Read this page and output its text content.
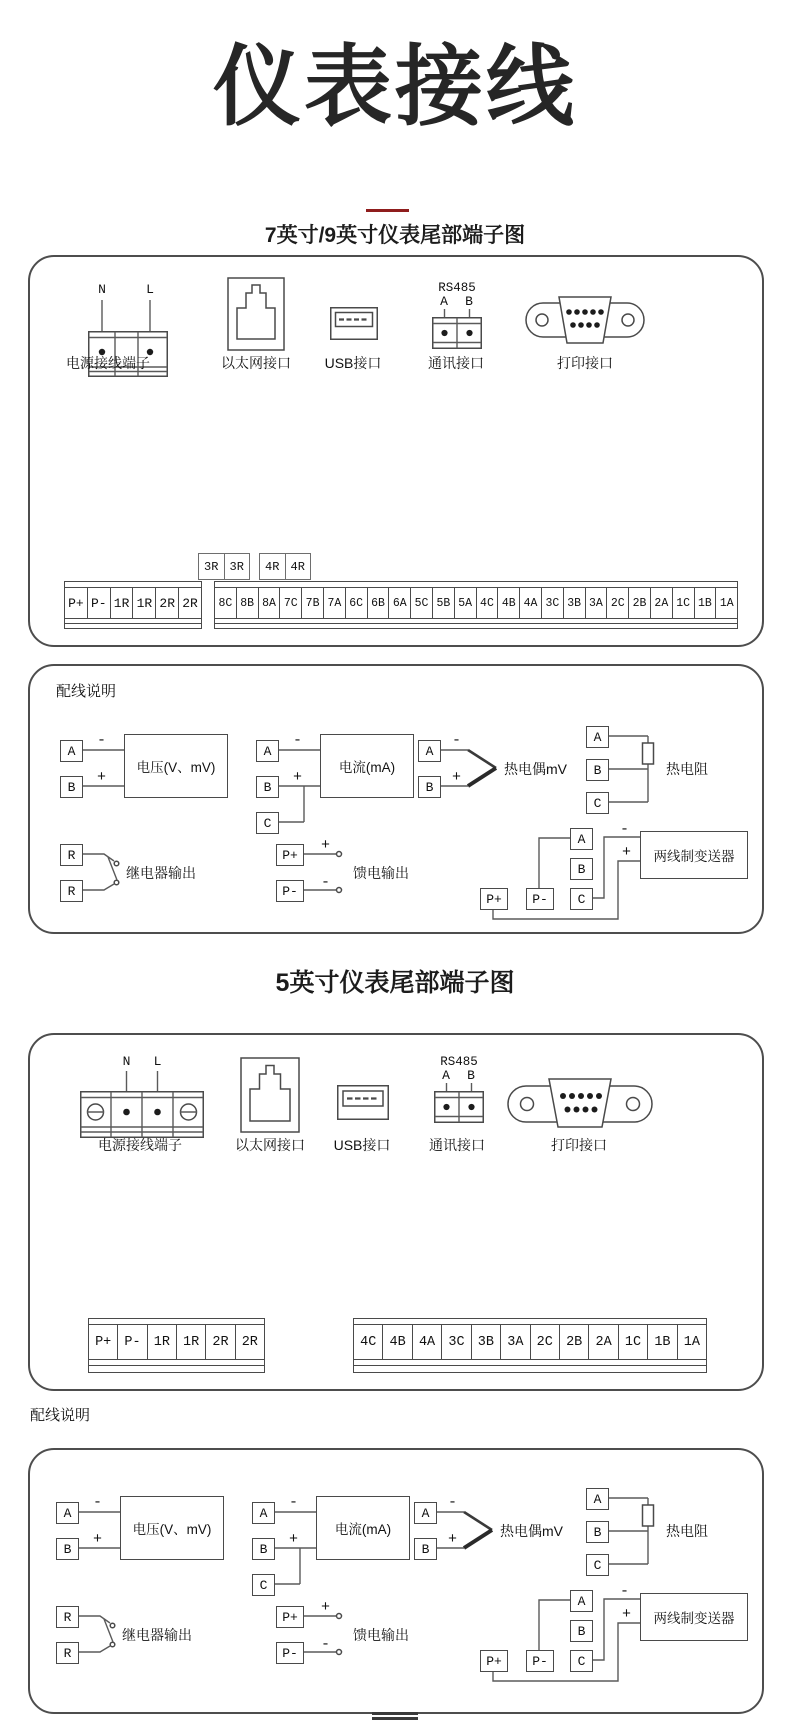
仪表接线
7英寸/9英寸仪表尾部端子图
N	L	RS485
A	B
电源接线端子	以太网接口	USB接口	通讯接口	打印接口
3R 3R	4R 4R
P+ P- 1R 1R 2R 2R	8C 8B 8A 7C 7B 7A 6C 6B 6A 5C 5B 5A 4C 4B 4A 3C 3B 3A 2C 2B 2A 1C 1B 1A
配线说明
A
B
-
+
电压(V、mV)
A
B
C
-
+
电流(mA)
A
B
-
+	热电偶mV
A
B
C
热电阻
R
R
继电器输出
P+
P-
+
-
馈电输出
A
B
C
P-
P+
-
+	两线制变送器
5英寸仪表尾部端子图
N	L	RS485
A	B
电源接线端子	以太网接口	USB接口	通讯接口	打印接口
P+ P- 1R 1R 2R 2R	4C 4B 4A 3C 3B 3A 2C 2B 2A 1C 1B 1A
配线说明
A
B
-
+
电压(V、mV)
A
B
C
-
+
电流(mA)
A
B
-
+	热电偶mV
A
B
C
热电阻
R
R
继电器输出
P+
P-
+
-
馈电输出
A
B
C
P-
P+
-
+	两线制变送器
